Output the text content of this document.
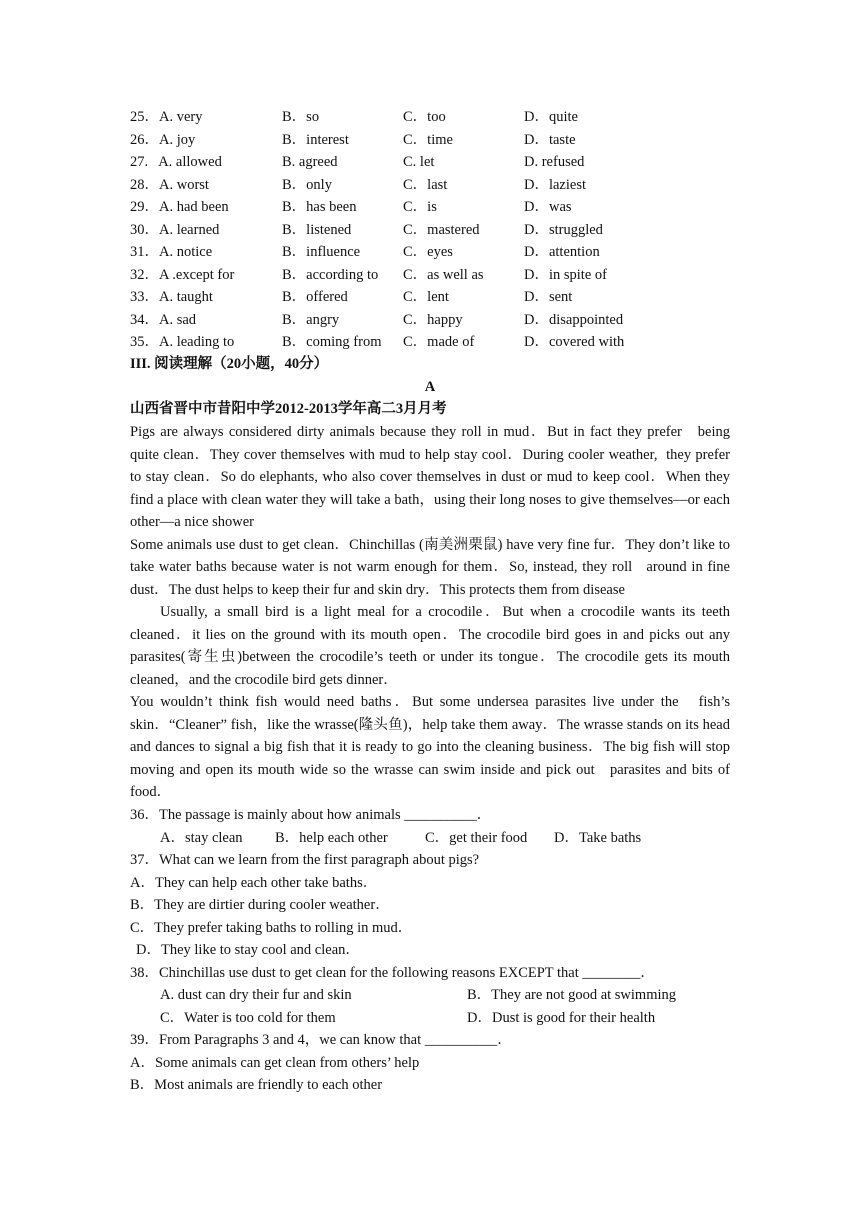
25．A. very	B．so	C．too	D．quite
26．A. joy	B．interest	C．time	D．taste
27.   A. allowed	B. agreed	C. let	D. refused
28．A. worst	B．only	C．last	D．laziest
29．A. had been	B．has been	C．is	D．was
30．A. learned	B．listened	C．mastered	D．struggled
31．A. notice	B．influence	C．eyes	D．attention
32．A .except for	B．according to C．as well as	D．in spite of
33．A. taught	B．offered	C．lent	D．sent
34．A. sad	B．angry	C．happy	D．disappointed
35．A. leading to	B．coming from C．made of	D．covered with
III. 阅读理解（20小题，40分）
A
山西省晋中市昔阳中学2012-2013学年高二3月月考

Pigs are always considered dirty animals because they roll in mud．But in fact they prefer   being quite clean．They cover themselves with mud to help stay cool．During cooler weather,  they prefer to stay clean．So do elephants, who also cover themselves in dust or mud to keep cool．When they find a place with clean water they will take a bath，using their long noses to give themselves—or each other—a nice shower

Some animals use dust to get clean．Chinchillas (南美洲栗鼠) have very fine fur．They don’t like to take water baths because water is not warm enough for them．So, instead, they roll   around in fine dust．The dust helps to keep their fur and skin dry．This protects them from disease

Usually, a small bird is a light meal for a crocodile．But when a crocodile wants its teeth cleaned．it lies on the ground with its mouth open．The crocodile bird goes in and picks out any parasites(寄生虫)between the crocodile’s teeth or under its tongue．The crocodile gets its mouth cleaned，and the crocodile bird gets dinner．

You wouldn’t think fish would need baths．But some undersea parasites live under the   fish’s skin．“Cleaner” fish，like the wrasse(隆头鱼)，help take them away．The wrasse stands on its head and dances to signal a big fish that it is ready to go into the cleaning business．The big fish will stop moving and open its mouth wide so the wrasse can swim inside and pick out   parasites and bits of food．

36．The passage is mainly about how animals __________．
A．stay clean B．help each other	C．get their food D．Take baths
37．What can we learn from the first paragraph about pigs?
A．They can help each other take baths．
B．They are dirtier during cooler weather．
C．They prefer taking baths to rolling in mud．
D．They like to stay cool and clean．
38．Chinchillas use dust to get clean for the following reasons EXCEPT that ________．
A. dust can dry their fur and skin	B．They are not good at swimming
C．Water is too cold for them	D．Dust is good for their health
39．From Paragraphs 3 and 4，we can know that __________．
A．Some animals can get clean from others’ help
B．Most animals are friendly to each other
